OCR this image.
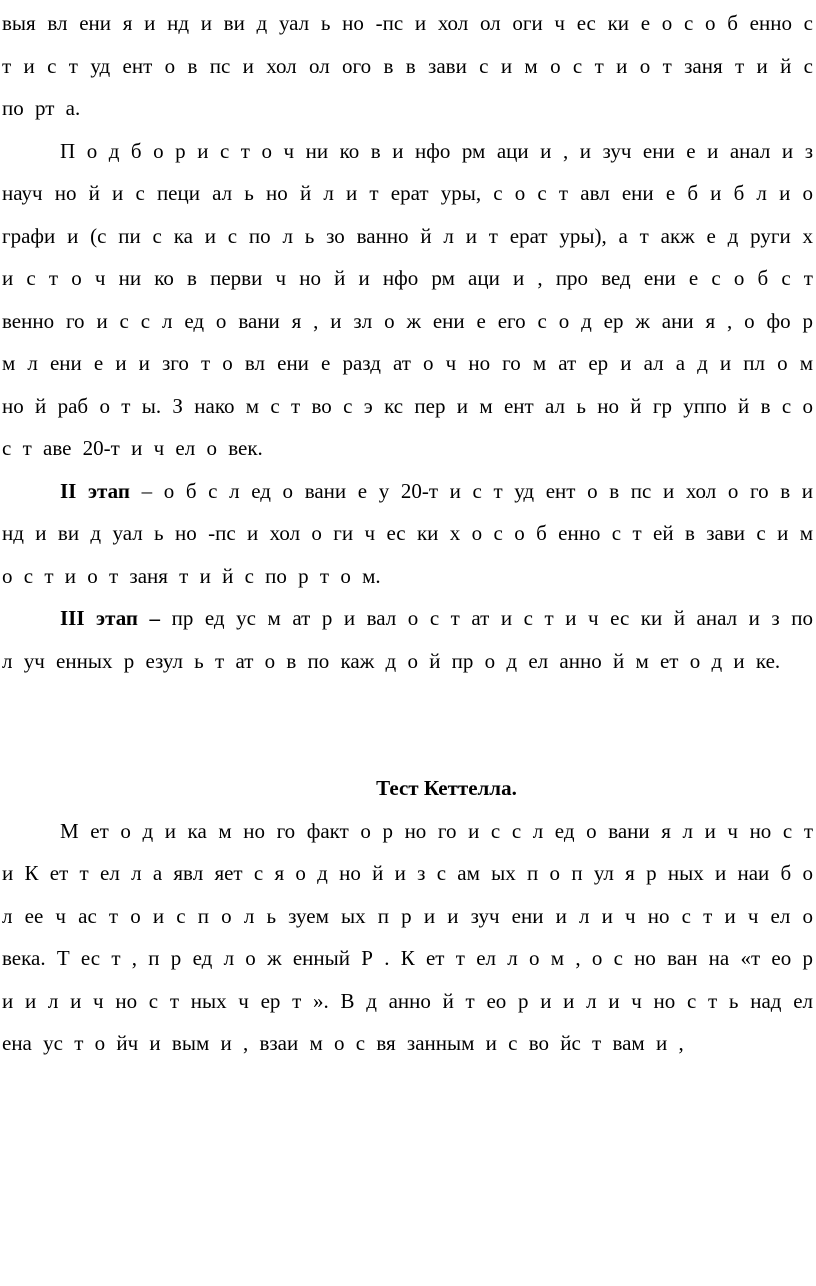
выя вл ени я и нд и ви д уал ь но -пс и хол ол оги ч ес ки е о с о б енно с т и с т уд ент о в пс и хол ол ого в в зави с и м о с т и о т заня т и й с по рт а.

П о д б о р и с т о ч ни ко в и нфо рм аци и , и зуч ени е и анал и з науч но й и с пеци ал ь но й л и т ерат уры, с о с т авл ени е б и б л и о графи и (с пи с ка и с по л ь зо ванно й л и т ерат уры), а т акж е д руги х и с т о ч ни ко в перви ч но й и нфо рм аци и , про вед ени е с о б с т венно го и с с л ед о вани я , и зл о ж ени е его с о д ер ж ани я , о фо р м л ени е и и зго т о вл ени е разд ат о ч но го м ат ер и ал а д и пл о м но й раб о т ы. З нако м с т во с э кс пер и м ент ал ь но й гр уппо й в с о с т аве 20-т и ч ел о век.

II этап – о б с л ед о вани е у 20-т и с т уд ент о в пс и хол о го в и нд и ви д уал ь но -пс и хол о ги ч ес ки х о с о б енно с т ей в зави с и м о с т и о т заня т и й с по р т о м.

III этап – пр ед ус м ат р и вал о с т ат и с т и ч ес ки й анал и з по л уч енных р езул ь т ат о в по каж д о й пр о д ел анно й м ет о д и ке.

Тест Кеттелла.

М ет о д и ка м но го факт о р но го и с с л ед о вани я л и ч но с т и К ет т ел л а явл яет с я о д но й и з с ам ых п о п ул я р ных и наи б о л ее ч ас т о и с п о л ь зуем ых п р и и зуч ени и л и ч но с т и ч ел о века. Т ес т , п р ед л о ж енный Р . К ет т ел л о м , о с но ван на «т ео р и и л и ч но с т ных ч ер т ». В д анно й т ео р и и л и ч но с т ь над ел ена ус т о йч и вым и , взаи м о с вя занным и с во йс т вам и ,
